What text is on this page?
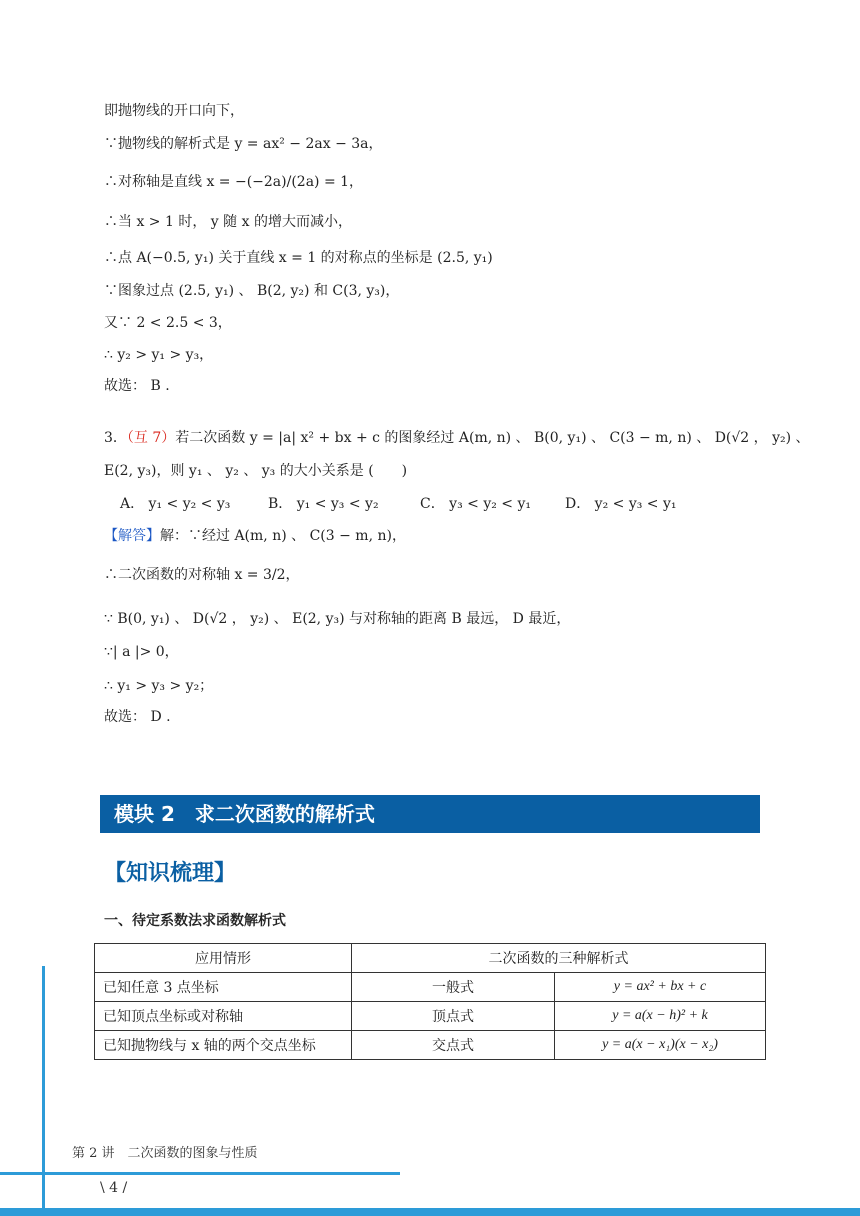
即抛物线的开口向下，
∵抛物线的解析式是 y = ax² − 2ax − 3a，
∴对称轴是直线 x = −(−2a)/(2a) = 1，
∴当 x > 1 时， y 随 x 的增大而减小，
∴点 A(−0.5, y₁) 关于直线 x = 1 的对称点的坐标是 (2.5, y₁)
∵图象过点 (2.5, y₁) 、 B(2, y₂) 和 C(3, y₃)，
又∵ 2 < 2.5 < 3，
∴ y₂ > y₁ > y₃，
故选： B .
3．（互 7）若二次函数 y = |a| x² + bx + c 的图象经过 A(m, n) 、 B(0, y₁) 、 C(3 − m, n) 、 D(√2 ， y₂) 、
E(2, y₃)，则 y₁ 、 y₂ 、 y₃ 的大小关系是 (　　)
A． y₁ < y₂ < y₃	B． y₁ < y₃ < y₂	C． y₃ < y₂ < y₁ D． y₂ < y₃ < y₁
【解答】解：∵经过 A(m, n) 、 C(3 − m, n)，
∴二次函数的对称轴 x = 3/2，
∵ B(0, y₁) 、 D(√2 ， y₂) 、 E(2, y₃) 与对称轴的距离 B 最远， D 最近，
∵| a |> 0，
∴ y₁ > y₃ > y₂；
故选： D .
模块 2　求二次函数的解析式
【知识梳理】
一、待定系数法求函数解析式
应用情形	二次函数的三种解析式	
已知任意 3 点坐标	一般式	y = ax² + bx + c
已知顶点坐标或对称轴	顶点式	y = a(x − h)² + k
已知抛物线与 x 轴的两个交点坐标	交点式	y = a(x − x₁)(x − x₂)
第 2 讲　二次函数的图象与性质
\ 4 /
